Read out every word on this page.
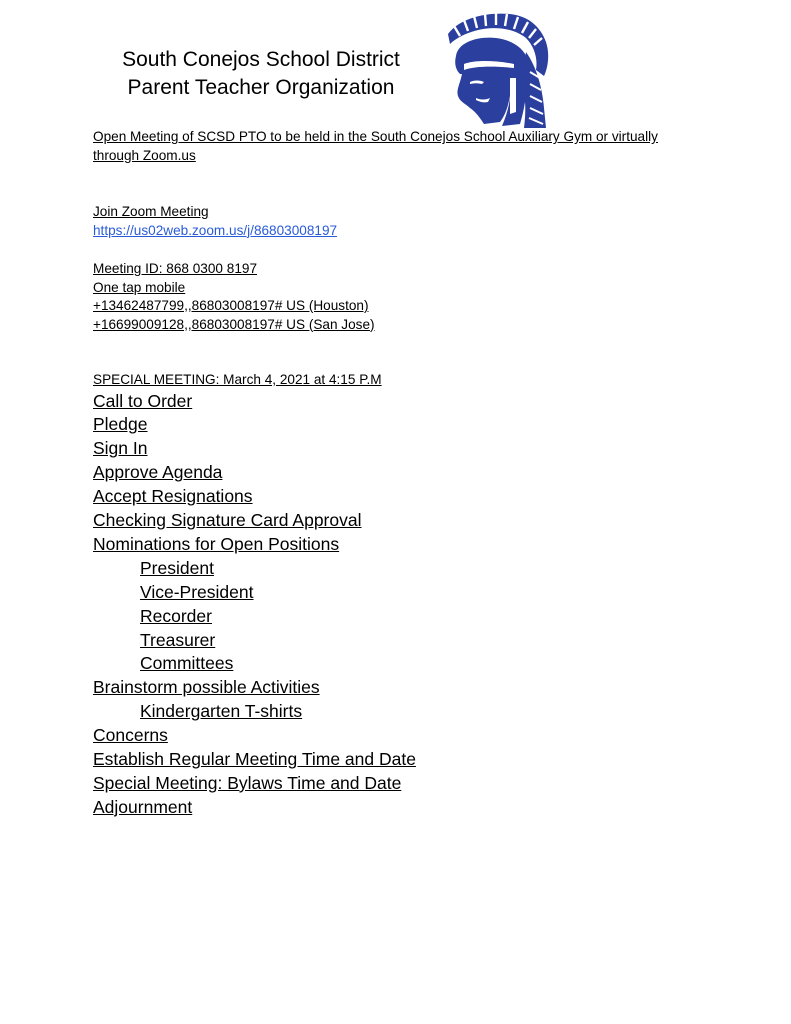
South Conejos School District
Parent Teacher Organization

Open Meeting of SCSD PTO to be held in the South Conejos School Auxiliary Gym or virtually

through Zoom.us

Join Zoom Meeting

https://us02web.zoom.us/j/86803008197

Meeting ID: 868 0300 8197

One tap mobile

+13462487799,,86803008197# US (Houston)

+16699009128,,86803008197# US (San Jose)

SPECIAL MEETING: March 4, 2021 at 4:15 P.M

Call to Order

Pledge

Sign In

Approve Agenda

Accept Resignations

Checking Signature Card Approval

Nominations for Open Positions

President

Vice-President

Recorder

Treasurer

Committees

Brainstorm possible Activities

Kindergarten T-shirts

Concerns

Establish Regular Meeting Time and Date

Special Meeting: Bylaws Time and Date

Adjournment
